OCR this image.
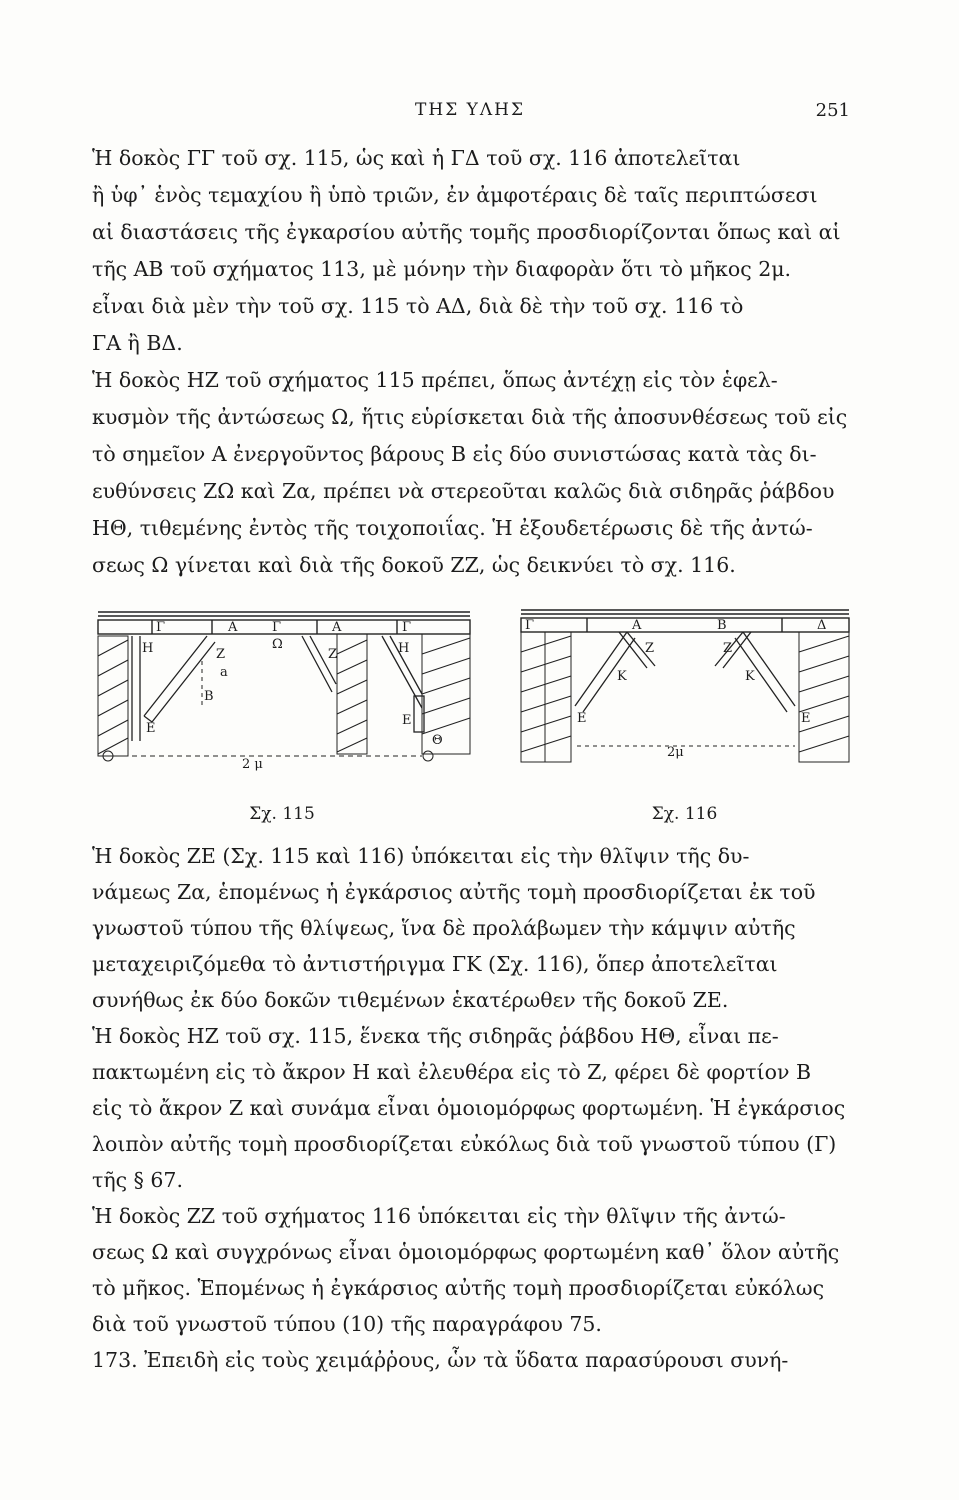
ΤΗΣ ΥΛΗΣ	251

Ἡ δοκὸς ΓΓ τοῦ σχ. 115, ὡς καὶ ἡ ΓΔ τοῦ σχ. 116 ἀποτελεῖται

ἢ ὑφ᾽ ἑνὸς τεμαχίου ἢ ὑπὸ τριῶν, ἐν ἀμφοτέραις δὲ ταῖς περιπτώσεσι

αἱ διαστάσεις τῆς ἐγκαρσίου αὐτῆς τομῆς προσδιορίζονται ὅπως καὶ αἱ

τῆς ΑΒ τοῦ σχήματος 113, μὲ μόνην τὴν διαφορὰν ὅτι τὸ μῆκος 2μ.

εἶναι διὰ μὲν τὴν τοῦ σχ. 115 τὸ ΑΔ, διὰ δὲ τὴν τοῦ σχ. 116 τὸ

ΓΑ ἢ ΒΔ.

Ἡ δοκὸς ΗΖ τοῦ σχήματος 115 πρέπει, ὅπως ἀντέχῃ εἰς τὸν ἑφελ-

κυσμὸν τῆς ἀντώσεως Ω, ἥτις εὑρίσκεται διὰ τῆς ἀποσυνθέσεως τοῦ εἰς

τὸ σημεῖον Α ἐνεργοῦντος βάρους Β εἰς δύο συνιστώσας κατὰ τὰς δι-

ευθύνσεις ΖΩ καὶ Ζα, πρέπει νὰ στερεοῦται καλῶς διὰ σιδηρᾶς ῥάβδου

ΗΘ, τιθεμένης ἐντὸς τῆς τοιχοποιΐας. Ἡ ἐξουδετέρωσις δὲ τῆς ἀντώ-

σεως Ω γίνεται καὶ διὰ τῆς δοκοῦ ΖΖ, ὡς δεικνύει τὸ σχ. 116.

Γ	Α	Γ	Α	Γ
Ω
Η	Ζ	Ζ	Η
a
B
E
E
Θ
2 μ
Σχ. 115
Γ	Α	Β	Δ
Ζ	Ζ
Κ	Κ
Ε	Ε
2μ
Σχ. 116

Ἡ δοκὸς ΖΕ (Σχ. 115 καὶ 116) ὑπόκειται εἰς τὴν θλῖψιν τῆς δυ-

νάμεως Ζα, ἑπομένως ἡ ἐγκάρσιος αὐτῆς τομὴ προσδιορίζεται ἐκ τοῦ

γνωστοῦ τύπου τῆς θλίψεως, ἵνα δὲ προλάβωμεν τὴν κάμψιν αὐτῆς

μεταχειριζόμεθα τὸ ἀντιστήριγμα ΓΚ (Σχ. 116), ὅπερ ἀποτελεῖται

συνήθως ἐκ δύο δοκῶν τιθεμένων ἑκατέρωθεν τῆς δοκοῦ ΖΕ.

Ἡ δοκὸς ΗΖ τοῦ σχ. 115, ἕνεκα τῆς σιδηρᾶς ῥάβδου ΗΘ, εἶναι πε-

πακτωμένη εἰς τὸ ἄκρον Η καὶ ἐλευθέρα εἰς τὸ Ζ, φέρει δὲ φορτίον Β

εἰς τὸ ἄκρον Ζ καὶ συνάμα εἶναι ὁμοιομόρφως φορτωμένη. Ἡ ἐγκάρσιος

λοιπὸν αὐτῆς τομὴ προσδιορίζεται εὐκόλως διὰ τοῦ γνωστοῦ τύπου (Γ)

τῆς § 67.

Ἡ δοκὸς ΖΖ τοῦ σχήματος 116 ὑπόκειται εἰς τὴν θλῖψιν τῆς ἀντώ-

σεως Ω καὶ συγχρόνως εἶναι ὁμοιομόρφως φορτωμένη καθ᾽ ὅλον αὐτῆς

τὸ μῆκος. Ἑπομένως ἡ ἐγκάρσιος αὐτῆς τομὴ προσδιορίζεται εὐκόλως

διὰ τοῦ γνωστοῦ τύπου (10) τῆς παραγράφου 75.

173. Ἐπειδὴ εἰς τοὺς χειμάῤῥους, ὧν τὰ ὕδατα παρασύρουσι συνή-
